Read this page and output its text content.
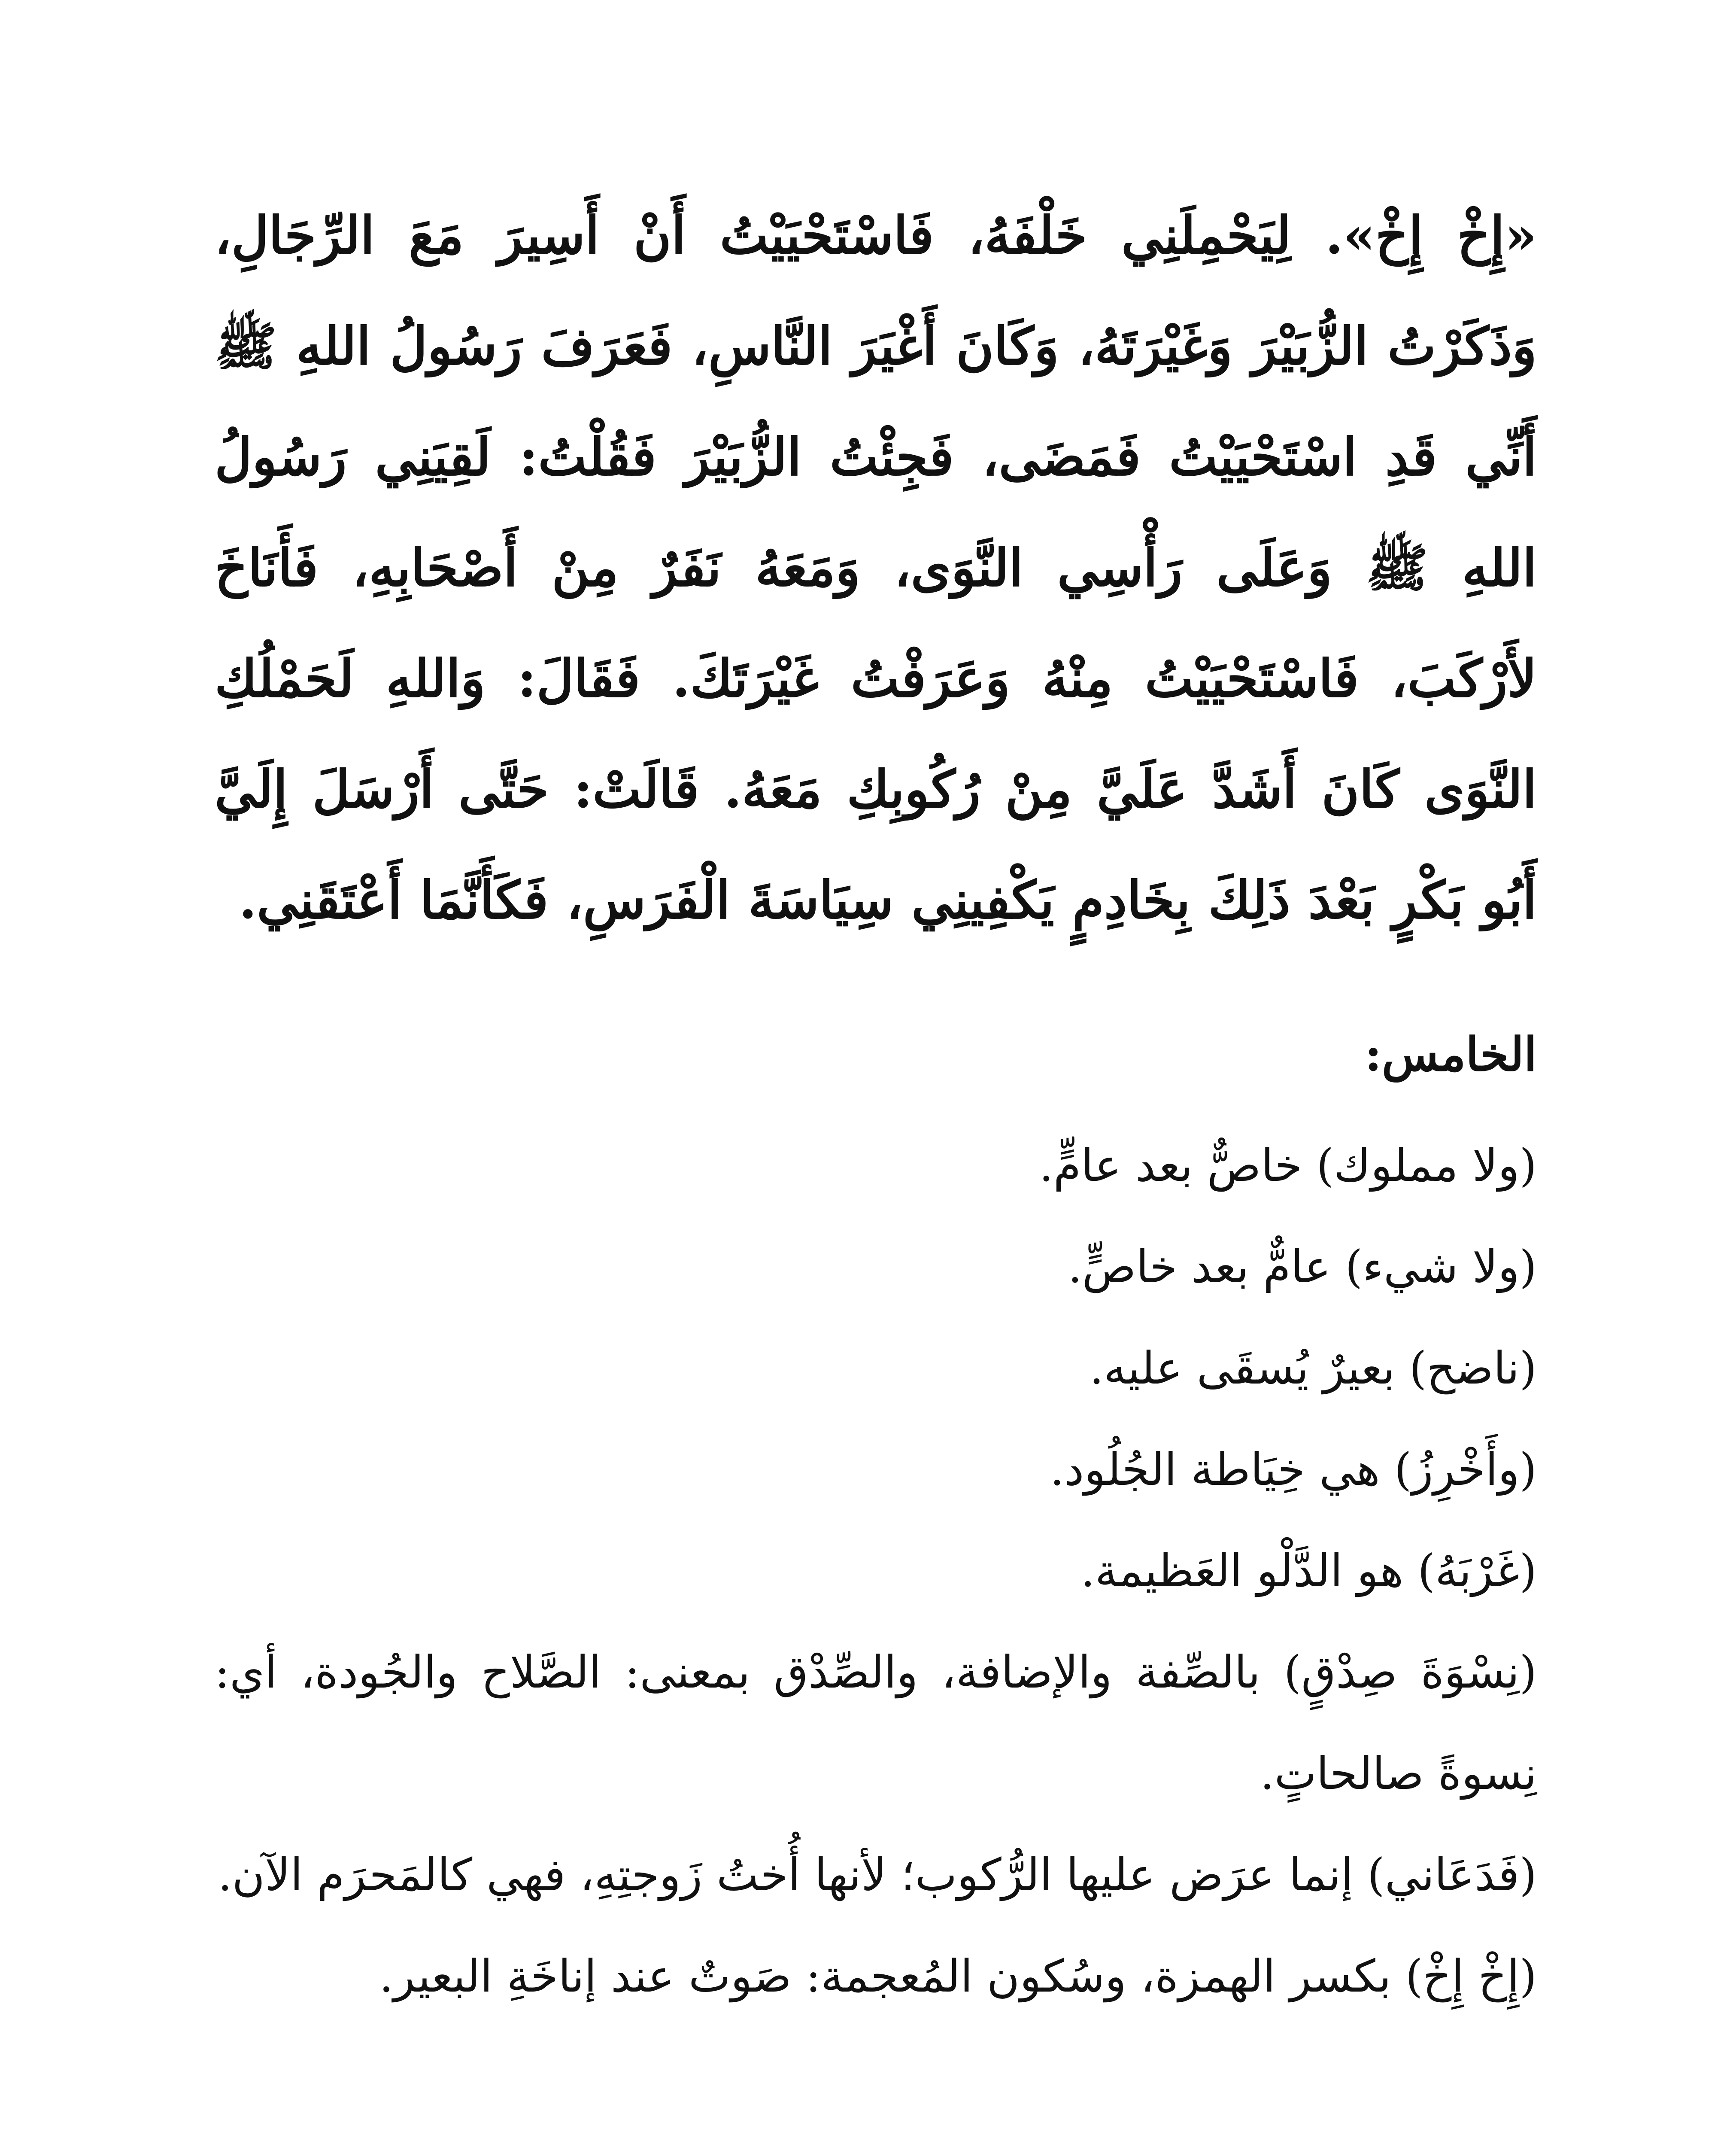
«إِخْ إِخْ». لِيَحْمِلَنِي خَلْفَهُ، فَاسْتَحْيَيْتُ أَنْ أَسِيرَ مَعَ الرِّجَالِ، وَذَكَرْتُ الزُّبَيْرَ وَغَيْرَتَهُ، وَكَانَ أَغْيَرَ النَّاسِ، فَعَرَفَ رَسُولُ اللهِ ﷺ أَنِّي قَدِ اسْتَحْيَيْتُ فَمَضَى، فَجِئْتُ الزُّبَيْرَ فَقُلْتُ: لَقِيَنِي رَسُولُ اللهِ ﷺ وَعَلَى رَأْسِي النَّوَى، وَمَعَهُ نَفَرٌ مِنْ أَصْحَابِهِ، فَأَنَاخَ لأَرْكَبَ، فَاسْتَحْيَيْتُ مِنْهُ وَعَرَفْتُ غَيْرَتَكَ. فَقَالَ: وَاللهِ لَحَمْلُكِ النَّوَى كَانَ أَشَدَّ عَلَيَّ مِنْ رُكُوبِكِ مَعَهُ. قَالَتْ: حَتَّى أَرْسَلَ إِلَيَّ أَبُو بَكْرٍ بَعْدَ ذَلِكَ بِخَادِمٍ يَكْفِينِي سِيَاسَةَ الْفَرَسِ، فَكَأَنَّمَا أَعْتَقَنِي.

الخامس:

(ولا مملوك) خاصٌّ بعد عامٍّ.

(ولا شيء) عامٌّ بعد خاصٍّ.

(ناضح) بعيرٌ يُسقَى عليه.

(وأَخْرِزُ) هي خِيَاطة الجُلُود.

(غَرْبَهُ) هو الدَّلْو العَظيمة.

(نِسْوَةَ صِدْقٍ) بالصِّفة والإضافة، والصِّدْق بمعنى: الصَّلاح والجُودة، أي: نِسوةً صالحاتٍ.

(فَدَعَاني) إنما عرَض عليها الرُّكوب؛ لأنها أُختُ زَوجتِهِ، فهي كالمَحرَم الآن.

(إِخْ إِخْ) بكسر الهمزة، وسُكون المُعجمة: صَوتٌ عند إناخَةِ البعير.
